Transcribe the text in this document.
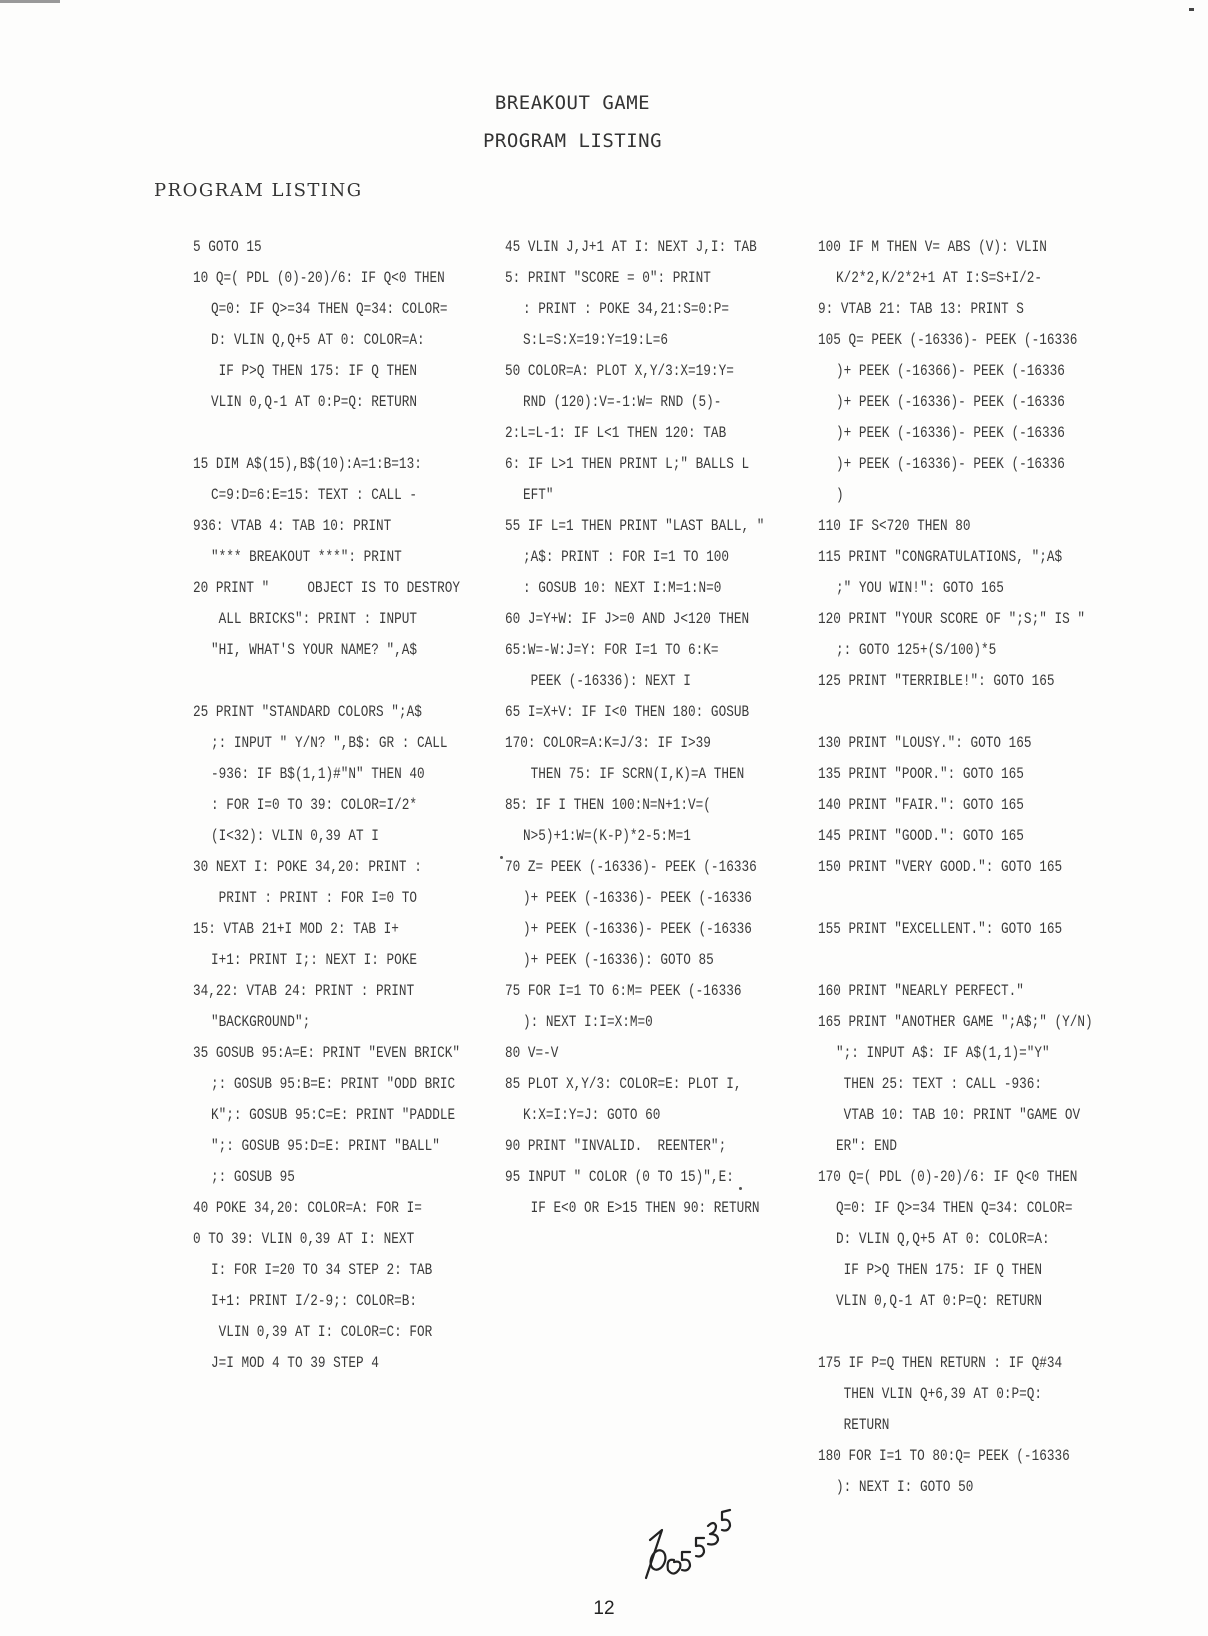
BREAKOUT GAME
PROGRAM LISTING
PROGRAM LISTING
5 GOTO 15
10 Q=( PDL (0)-20)/6: IF Q<0 THEN
Q=0: IF Q>=34 THEN Q=34: COLOR=
D: VLIN Q,Q+5 AT 0: COLOR=A:
IF P>Q THEN 175: IF Q THEN
VLIN 0,Q-1 AT 0:P=Q: RETURN
15 DIM A$(15),B$(10):A=1:B=13:
C=9:D=6:E=15: TEXT : CALL -
936: VTAB 4: TAB 10: PRINT
"*** BREAKOUT ***": PRINT
20 PRINT "     OBJECT IS TO DESTROY
ALL BRICKS": PRINT : INPUT
"HI, WHAT'S YOUR NAME? ",A$
25 PRINT "STANDARD COLORS ";A$
;: INPUT " Y/N? ",B$: GR : CALL
-936: IF B$(1,1)#"N" THEN 40
: FOR I=0 TO 39: COLOR=I/2*
(I<32): VLIN 0,39 AT I
30 NEXT I: POKE 34,20: PRINT :
PRINT : PRINT : FOR I=0 TO
15: VTAB 21+I MOD 2: TAB I+
I+1: PRINT I;: NEXT I: POKE
34,22: VTAB 24: PRINT : PRINT
"BACKGROUND";
35 GOSUB 95:A=E: PRINT "EVEN BRICK"
;: GOSUB 95:B=E: PRINT "ODD BRIC
K";: GOSUB 95:C=E: PRINT "PADDLE
";: GOSUB 95:D=E: PRINT "BALL"
;: GOSUB 95
40 POKE 34,20: COLOR=A: FOR I=
0 TO 39: VLIN 0,39 AT I: NEXT
I: FOR I=20 TO 34 STEP 2: TAB
I+1: PRINT I/2-9;: COLOR=B:
VLIN 0,39 AT I: COLOR=C: FOR
J=I MOD 4 TO 39 STEP 4
45 VLIN J,J+1 AT I: NEXT J,I: TAB
5: PRINT "SCORE = 0": PRINT
: PRINT : POKE 34,21:S=0:P=
S:L=S:X=19:Y=19:L=6
50 COLOR=A: PLOT X,Y/3:X=19:Y=
RND (120):V=-1:W= RND (5)-
2:L=L-1: IF L<1 THEN 120: TAB
6: IF L>1 THEN PRINT L;" BALLS L
EFT"
55 IF L=1 THEN PRINT "LAST BALL, "
;A$: PRINT : FOR I=1 TO 100
: GOSUB 10: NEXT I:M=1:N=0
60 J=Y+W: IF J>=0 AND J<120 THEN
65:W=-W:J=Y: FOR I=1 TO 6:K=
PEEK (-16336): NEXT I
65 I=X+V: IF I<0 THEN 180: GOSUB
170: COLOR=A:K=J/3: IF I>39
THEN 75: IF SCRN(I,K)=A THEN
85: IF I THEN 100:N=N+1:V=(
N>5)+1:W=(K-P)*2-5:M=1
70 Z= PEEK (-16336)- PEEK (-16336
)+ PEEK (-16336)- PEEK (-16336
)+ PEEK (-16336)- PEEK (-16336
)+ PEEK (-16336): GOTO 85
75 FOR I=1 TO 6:M= PEEK (-16336
): NEXT I:I=X:M=0
80 V=-V
85 PLOT X,Y/3: COLOR=E: PLOT I,
K:X=I:Y=J: GOTO 60
90 PRINT "INVALID.  REENTER";
95 INPUT " COLOR (0 TO 15)",E:
IF E<0 OR E>15 THEN 90: RETURN
100 IF M THEN V= ABS (V): VLIN
K/2*2,K/2*2+1 AT I:S=S+I/2-
9: VTAB 21: TAB 13: PRINT S
105 Q= PEEK (-16336)- PEEK (-16336
)+ PEEK (-16366)- PEEK (-16336
)+ PEEK (-16336)- PEEK (-16336
)+ PEEK (-16336)- PEEK (-16336
)+ PEEK (-16336)- PEEK (-16336
)
110 IF S<720 THEN 80
115 PRINT "CONGRATULATIONS, ";A$
;" YOU WIN!": GOTO 165
120 PRINT "YOUR SCORE OF ";S;" IS "
;: GOTO 125+(S/100)*5
125 PRINT "TERRIBLE!": GOTO 165
130 PRINT "LOUSY.": GOTO 165
135 PRINT "POOR.": GOTO 165
140 PRINT "FAIR.": GOTO 165
145 PRINT "GOOD.": GOTO 165
150 PRINT "VERY GOOD.": GOTO 165
155 PRINT "EXCELLENT.": GOTO 165
160 PRINT "NEARLY PERFECT."
165 PRINT "ANOTHER GAME ";A$;" (Y/N)
";: INPUT A$: IF A$(1,1)="Y"
THEN 25: TEXT : CALL -936:
VTAB 10: TAB 10: PRINT "GAME OV
ER": END
170 Q=( PDL (0)-20)/6: IF Q<0 THEN
Q=0: IF Q>=34 THEN Q=34: COLOR=
D: VLIN Q,Q+5 AT 0: COLOR=A:
IF P>Q THEN 175: IF Q THEN
VLIN 0,Q-1 AT 0:P=Q: RETURN
175 IF P=Q THEN RETURN : IF Q#34
THEN VLIN Q+6,39 AT 0:P=Q:
RETURN
180 FOR I=1 TO 80:Q= PEEK (-16336
): NEXT I: GOTO 50
12
